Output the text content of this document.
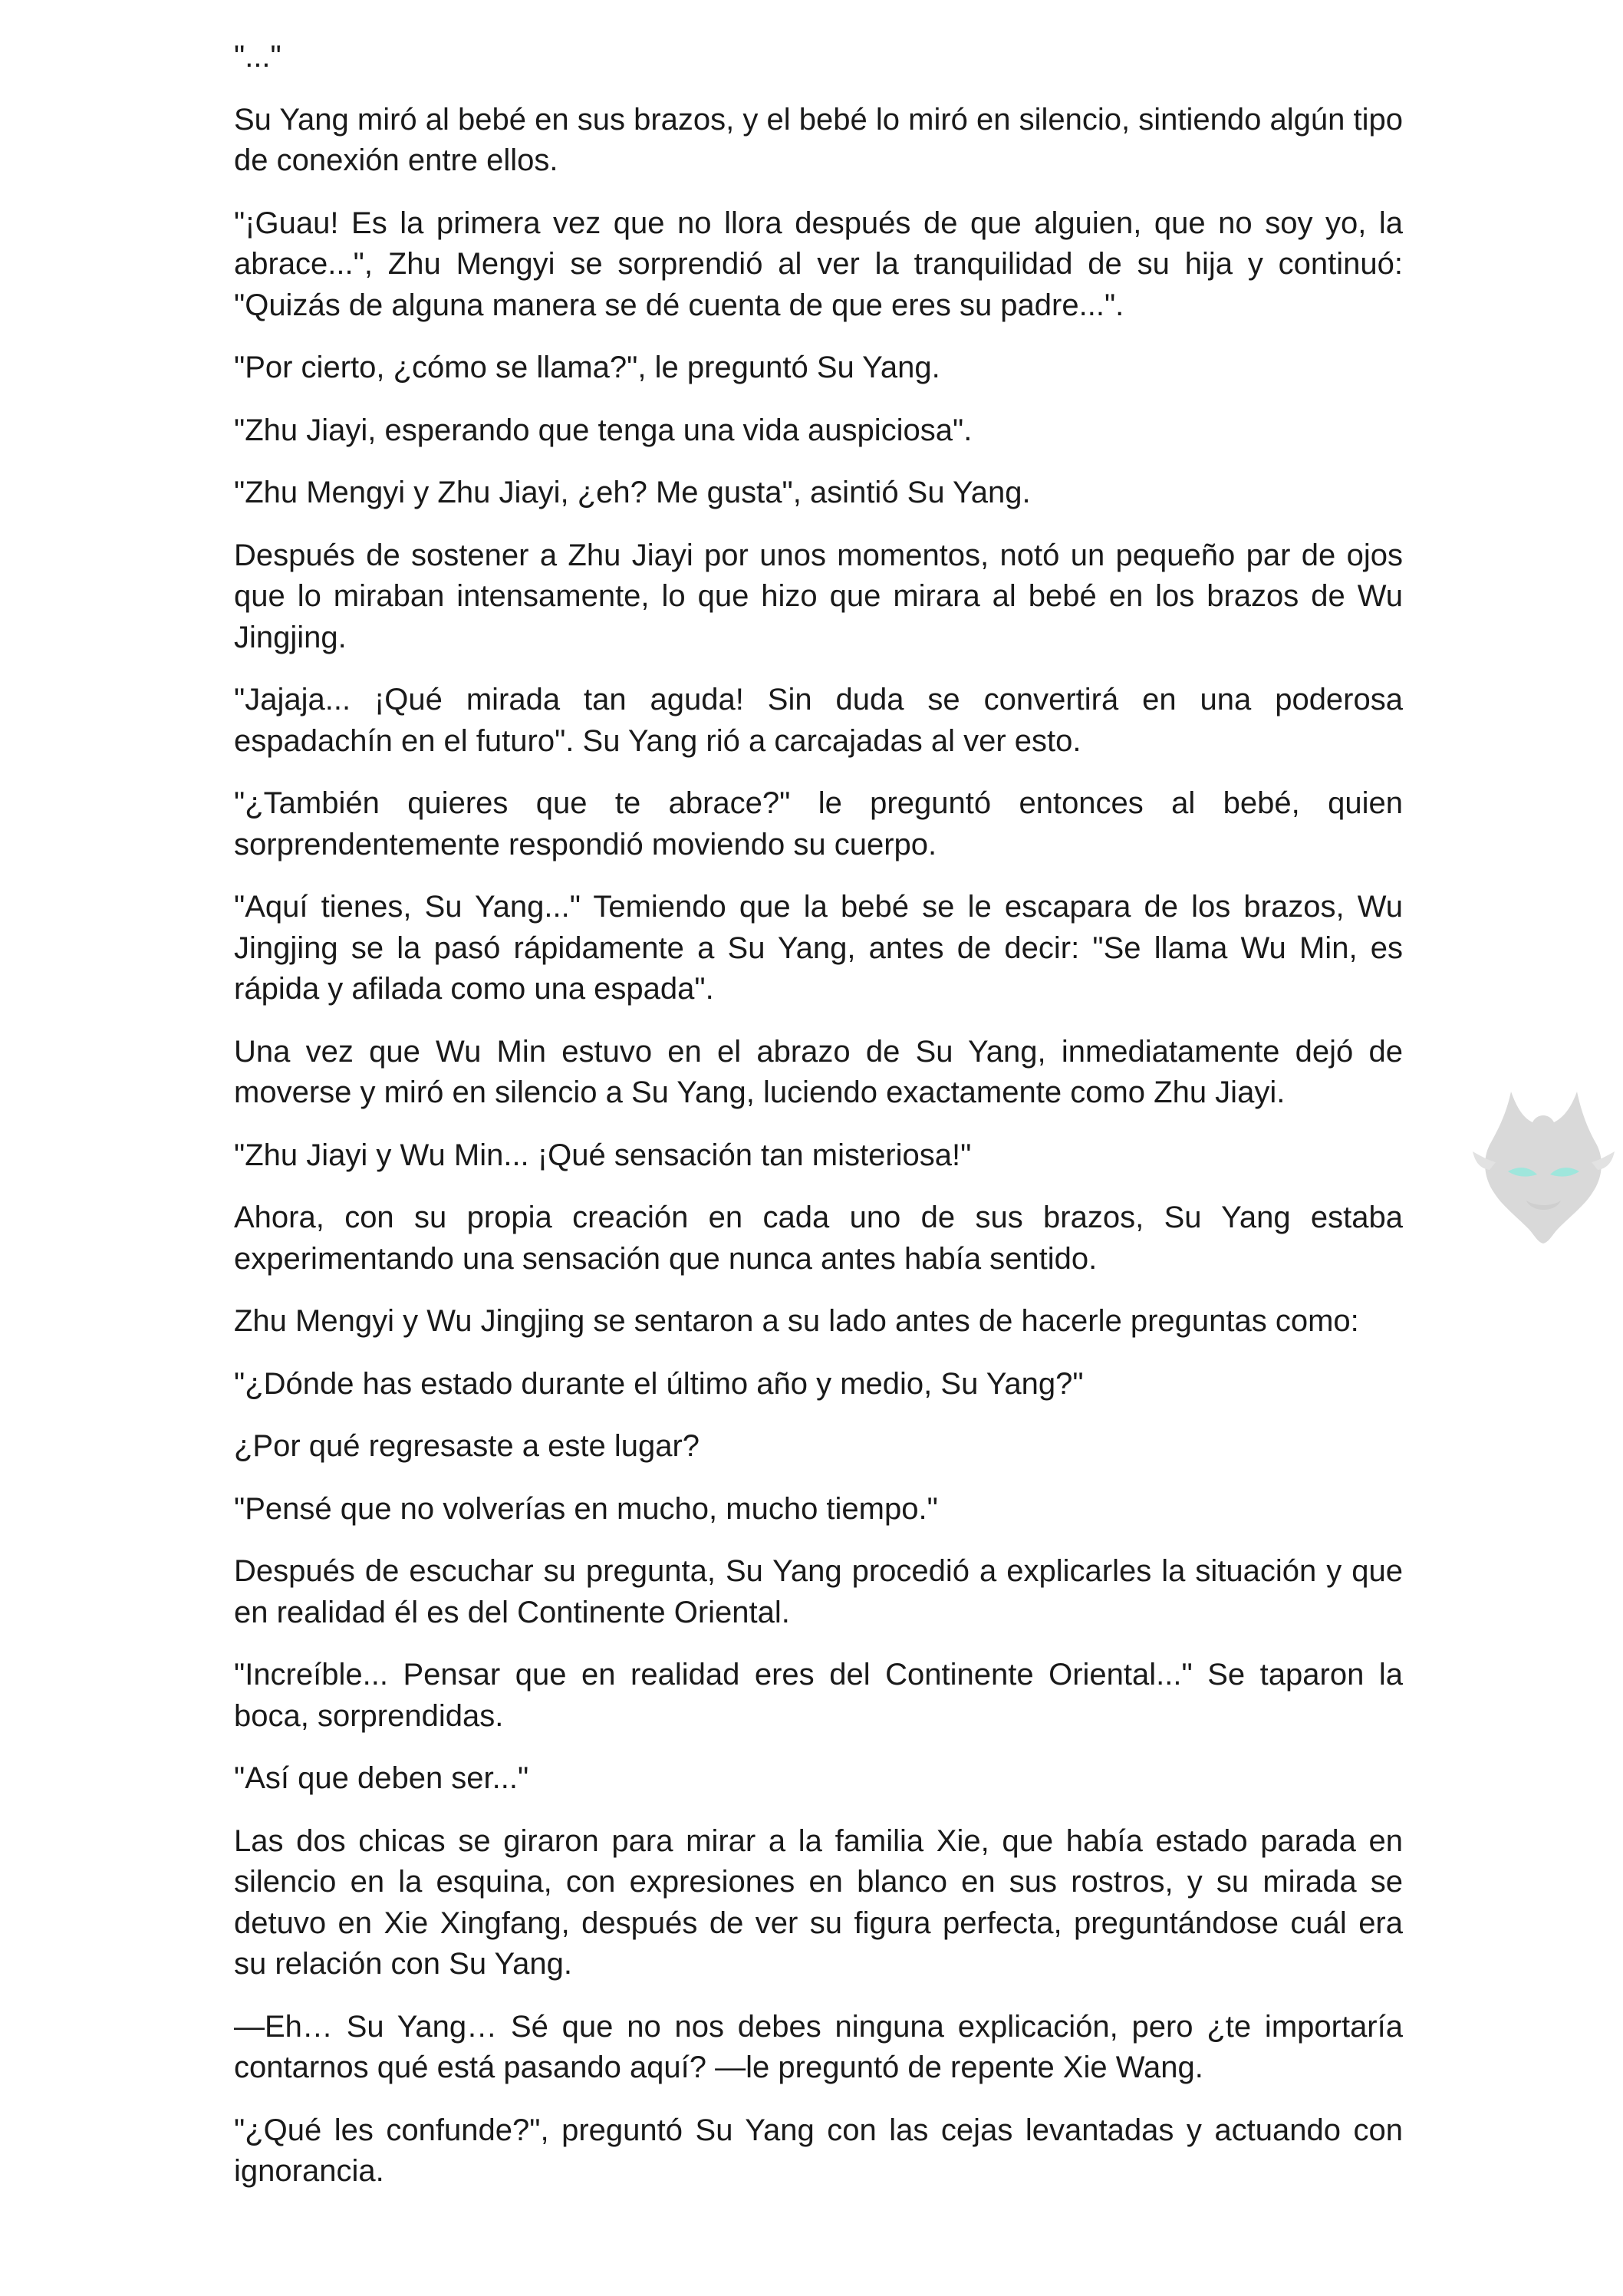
"..."

Su Yang miró al bebé en sus brazos, y el bebé lo miró en silencio, sintiendo algún tipo de conexión entre ellos.

"¡Guau! Es la primera vez que no llora después de que alguien, que no soy yo, la abrace...", Zhu Mengyi se sorprendió al ver la tranquilidad de su hija y continuó: "Quizás de alguna manera se dé cuenta de que eres su padre...".

"Por cierto, ¿cómo se llama?", le preguntó Su Yang.

"Zhu Jiayi, esperando que tenga una vida auspiciosa".

"Zhu Mengyi y Zhu Jiayi, ¿eh? Me gusta", asintió Su Yang.

Después de sostener a Zhu Jiayi por unos momentos, notó un pequeño par de ojos que lo miraban intensamente, lo que hizo que mirara al bebé en los brazos de Wu Jingjing.

"Jajaja... ¡Qué mirada tan aguda! Sin duda se convertirá en una poderosa espadachín en el futuro". Su Yang rió a carcajadas al ver esto.

"¿También quieres que te abrace?" le preguntó entonces al bebé, quien sorprendentemente respondió moviendo su cuerpo.

"Aquí tienes, Su Yang..." Temiendo que la bebé se le escapara de los brazos, Wu Jingjing se la pasó rápidamente a Su Yang, antes de decir: "Se llama Wu Min, es rápida y afilada como una espada".

Una vez que Wu Min estuvo en el abrazo de Su Yang, inmediatamente dejó de moverse y miró en silencio a Su Yang, luciendo exactamente como Zhu Jiayi.

"Zhu Jiayi y Wu Min... ¡Qué sensación tan misteriosa!"

Ahora, con su propia creación en cada uno de sus brazos, Su Yang estaba experimentando una sensación que nunca antes había sentido.

Zhu Mengyi y Wu Jingjing se sentaron a su lado antes de hacerle preguntas como:

"¿Dónde has estado durante el último año y medio, Su Yang?"

¿Por qué regresaste a este lugar?

"Pensé que no volverías en mucho, mucho tiempo."

Después de escuchar su pregunta, Su Yang procedió a explicarles la situación y que en realidad él es del Continente Oriental.

"Increíble... Pensar que en realidad eres del Continente Oriental..." Se taparon la boca, sorprendidas.

"Así que deben ser..."

Las dos chicas se giraron para mirar a la familia Xie, que había estado parada en silencio en la esquina, con expresiones en blanco en sus rostros, y su mirada se detuvo en Xie Xingfang, después de ver su figura perfecta, preguntándose cuál era su relación con Su Yang.

—Eh… Su Yang… Sé que no nos debes ninguna explicación, pero ¿te importaría contarnos qué está pasando aquí? —le preguntó de repente Xie Wang.

"¿Qué les confunde?", preguntó Su Yang con las cejas levantadas y actuando con ignorancia.
